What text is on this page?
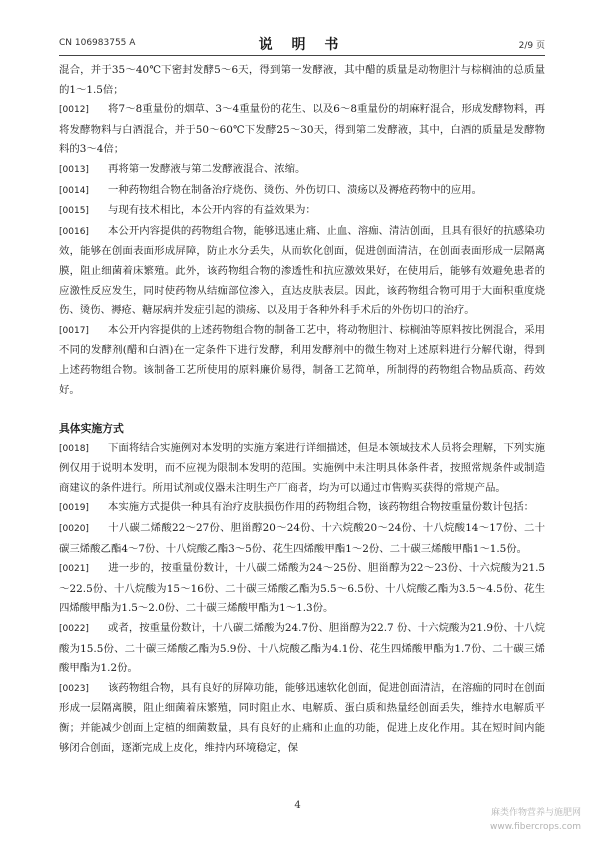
CN 106983755 A	说 明 书	2/9 页

混合，并于35～40℃下密封发酵5～6天，得到第一发酵液，其中醋的质量是动物胆汁与棕榈油的总质量的1～1.5倍；

[0012] 将7～8重量份的烟草、3～4重量份的花生、以及6～8重量份的胡麻籽混合，形成发酵物料，再将发酵物料与白酒混合，并于50～60℃下发酵25～30天，得到第二发酵液，其中，白酒的质量是发酵物料的3～4倍；

[0013] 再将第一发酵液与第二发酵液混合、浓缩。

[0014] 一种药物组合物在制备治疗烧伤、烫伤、外伤切口、溃疡以及褥疮药物中的应用。

[0015] 与现有技术相比，本公开内容的有益效果为：

[0016] 本公开内容提供的药物组合物，能够迅速止痛、止血、溶痂、清洁创面，且具有很好的抗感染功效，能够在创面表面形成屏障，防止水分丢失，从而软化创面，促进创面清洁，在创面表面形成一层隔离膜，阻止细菌着床繁殖。此外，该药物组合物的渗透性和抗应激效果好，在使用后，能够有效避免患者的应激性反应发生，同时使药物从结痂部位渗入，直达皮肤表层。因此，该药物组合物可用于大面积重度烧伤、烫伤、褥疮、糖尿病并发症引起的溃疡、以及用于各种外科手术后的外伤切口的治疗。

[0017] 本公开内容提供的上述药物组合物的制备工艺中，将动物胆汁、棕榈油等原料按比例混合，采用不同的发酵剂(醋和白酒)在一定条件下进行发酵，利用发酵剂中的微生物对上述原料进行分解代谢，得到上述药物组合物。该制备工艺所使用的原料廉价易得，制备工艺简单，所制得的药物组合物品质高、药效好。

具体实施方式

[0018] 下面将结合实施例对本发明的实施方案进行详细描述，但是本领域技术人员将会理解，下列实施例仅用于说明本发明，而不应视为限制本发明的范围。实施例中未注明具体条件者，按照常规条件或制造商建议的条件进行。所用试剂或仪器未注明生产厂商者，均为可以通过市售购买获得的常规产品。

[0019] 本实施方式提供一种具有治疗皮肤损伤作用的药物组合物，该药物组合物按重量份数计包括：

[0020] 十八碳二烯酸22～27份、胆甾醇20～24份、十六烷酸20～24份、十八烷酸14～17份、二十碳三烯酸乙酯4～7份、十八烷酸乙酯3～5份、花生四烯酸甲酯1～2份、二十碳三烯酸甲酯1～1.5份。

[0021] 进一步的，按重量份数计，十八碳二烯酸为24～25份、胆甾醇为22～23份、十六烷酸为21.5～22.5份、十八烷酸为15～16份、二十碳三烯酸乙酯为5.5～6.5份、十八烷酸乙酯为3.5～4.5份、花生四烯酸甲酯为1.5～2.0份、二十碳三烯酸甲酯为1～1.3份。

[0022] 或者，按重量份数计，十八碳二烯酸为24.7份、胆甾醇为22.7 份、十六烷酸为21.9份、十八烷酸为15.5份、二十碳三烯酸乙酯为5.9份、十八烷酸乙酯为4.1份、花生四烯酸甲酯为1.7份、二十碳三烯酸甲酯为1.2份。

[0023] 该药物组合物，具有良好的屏障功能，能够迅速软化创面，促进创面清洁，在溶痂的同时在创面形成一层隔离膜，阻止细菌着床繁殖，同时阻止水、电解质、蛋白质和热量经创面丢失，维持水电解质平衡；并能减少创面上定植的细菌数量，具有良好的止痛和止血的功能，促进上皮化作用。其在短时间内能够闭合创面，逐渐完成上皮化，维持内环境稳定，保

4
麻类作物营养与施肥网
www.fibercrops.com
